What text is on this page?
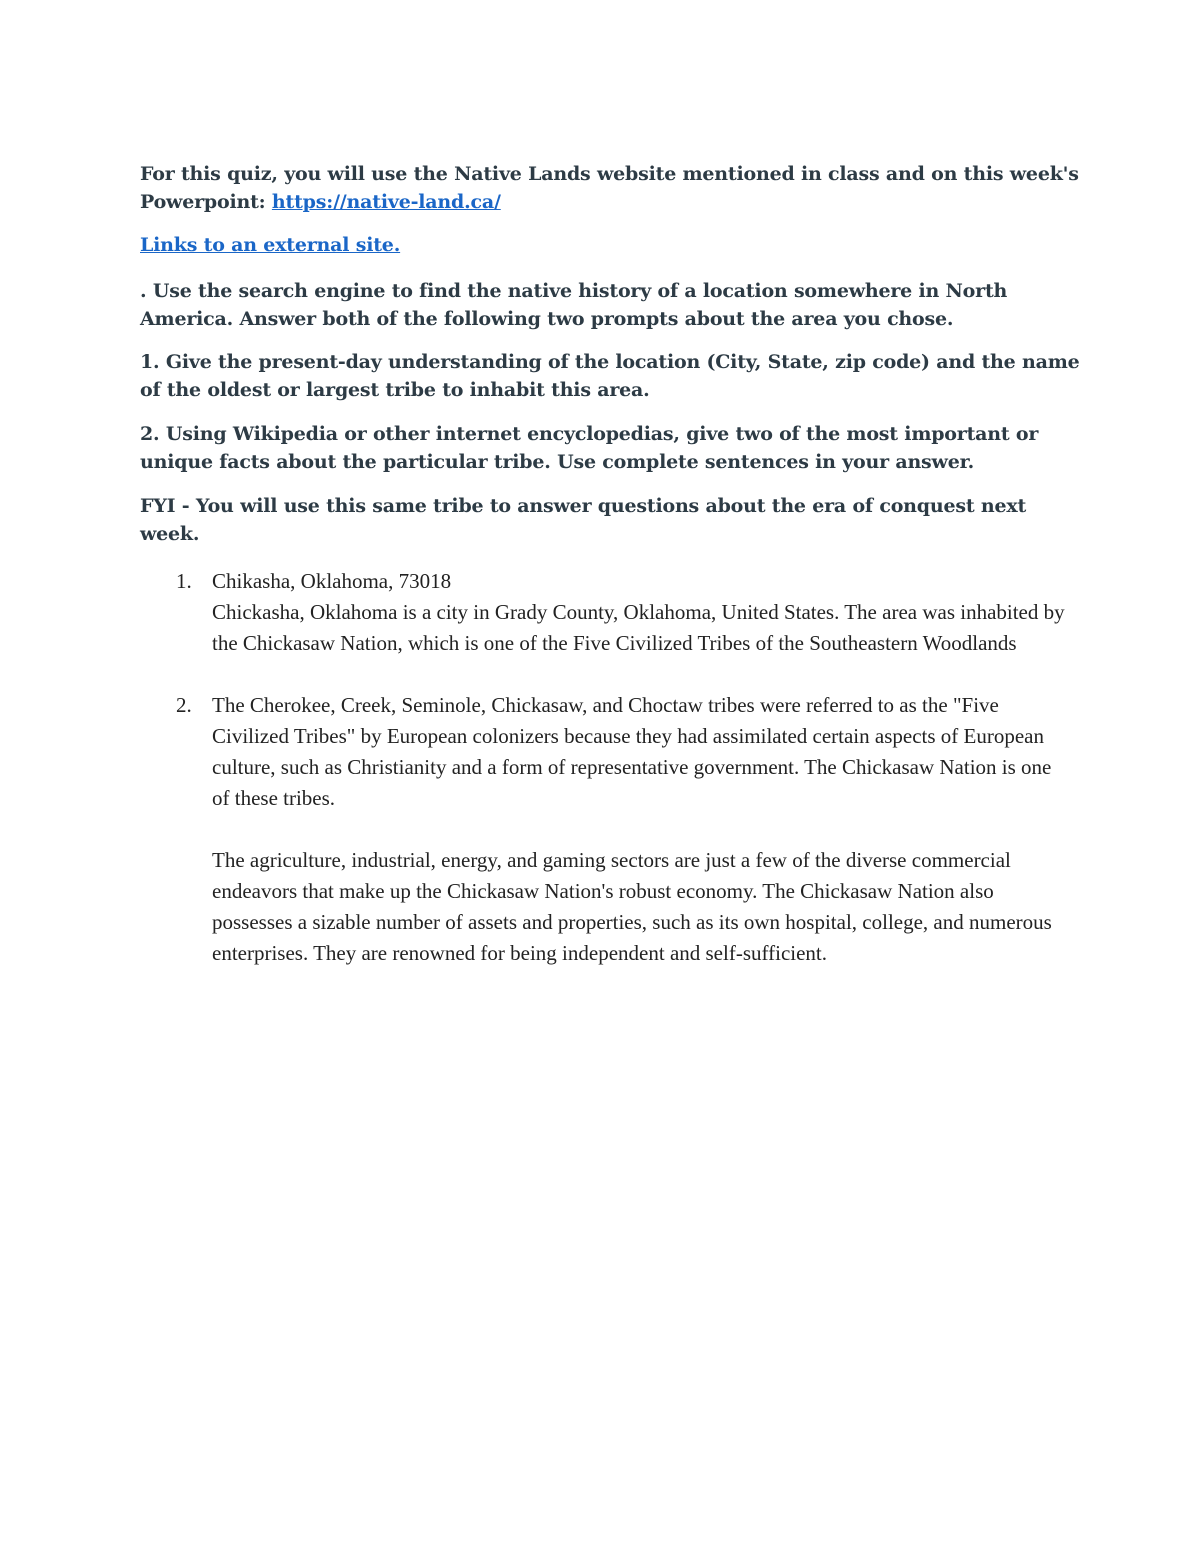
For this quiz, you will use the Native Lands website mentioned in class and on this week's Powerpoint: https://native-land.ca/

Links to an external site.

. Use the search engine to find the native history of a location somewhere in North America. Answer both of the following two prompts about the area you chose.

1. Give the present-day understanding of the location (City, State, zip code) and the name of the oldest or largest tribe to inhabit this area.

2. Using Wikipedia or other internet encyclopedias, give two of the most important or unique facts about the particular tribe. Use complete sentences in your answer.

FYI - You will use this same tribe to answer questions about the era of conquest next week.

1. Chikasha, Oklahoma, 73018

Chickasha, Oklahoma is a city in Grady County, Oklahoma, United States. The area was inhabited by the Chickasaw Nation, which is one of the Five Civilized Tribes of the Southeastern Woodlands

2. The Cherokee, Creek, Seminole, Chickasaw, and Choctaw tribes were referred to as the "Five Civilized Tribes" by European colonizers because they had assimilated certain aspects of European culture, such as Christianity and a form of representative government. The Chickasaw Nation is one of these tribes.

The agriculture, industrial, energy, and gaming sectors are just a few of the diverse commercial endeavors that make up the Chickasaw Nation's robust economy. The Chickasaw Nation also possesses a sizable number of assets and properties, such as its own hospital, college, and numerous enterprises. They are renowned for being independent and self-sufficient.
